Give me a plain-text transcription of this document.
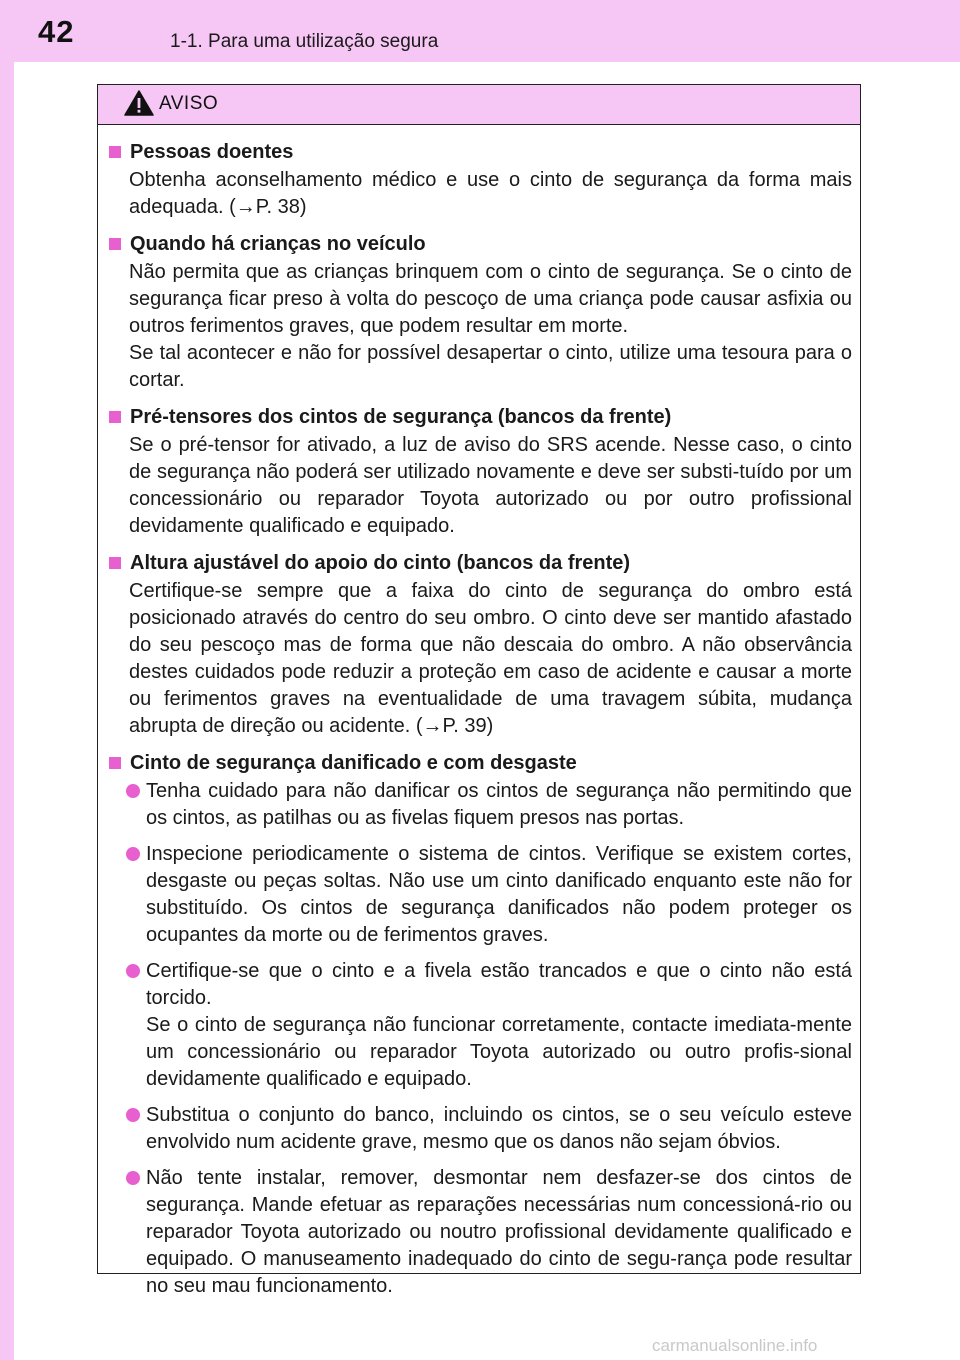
42	1-1. Para uma utilização segura
AVISO
Pessoas doentes
Obtenha aconselhamento médico e use o cinto de segurança da forma mais adequada. (→P. 38)
Quando há crianças no veículo
Não permita que as crianças brinquem com o cinto de segurança. Se o cinto de segurança ficar preso à volta do pescoço de uma criança pode causar asfixia ou outros ferimentos graves, que podem resultar em morte.
Se tal acontecer e não for possível desapertar o cinto, utilize uma tesoura para o cortar.
Pré-tensores dos cintos de segurança (bancos da frente)
Se o pré-tensor for ativado, a luz de aviso do SRS acende. Nesse caso, o cinto de segurança não poderá ser utilizado novamente e deve ser substi-tuído por um concessionário ou reparador Toyota autorizado ou por outro profissional devidamente qualificado e equipado.
Altura ajustável do apoio do cinto (bancos da frente)
Certifique-se sempre que a faixa do cinto de segurança do ombro está posicionado através do centro do seu ombro. O cinto deve ser mantido afastado do seu pescoço mas de forma que não descaia do ombro. A não observância destes cuidados pode reduzir a proteção em caso de acidente e causar a morte ou ferimentos graves na eventualidade de uma travagem súbita, mudança abrupta de direção ou acidente. (→P. 39)
Cinto de segurança danificado e com desgaste
Tenha cuidado para não danificar os cintos de segurança não permitindo que os cintos, as patilhas ou as fivelas fiquem presos nas portas.
Inspecione periodicamente o sistema de cintos. Verifique se existem cortes, desgaste ou peças soltas. Não use um cinto danificado enquanto este não for substituído. Os cintos de segurança danificados não podem proteger os ocupantes da morte ou de ferimentos graves.
Certifique-se que o cinto e a fivela estão trancados e que o cinto não está torcido.
Se o cinto de segurança não funcionar corretamente, contacte imediata-mente um concessionário ou reparador Toyota autorizado ou outro profis-sional devidamente qualificado e equipado.
Substitua o conjunto do banco, incluindo os cintos, se o seu veículo esteve envolvido num acidente grave, mesmo que os danos não sejam óbvios.
Não tente instalar, remover, desmontar nem desfazer-se dos cintos de segurança. Mande efetuar as reparações necessárias num concessioná-rio ou reparador Toyota autorizado ou noutro profissional devidamente qualificado e equipado. O manuseamento inadequado do cinto de segu-rança pode resultar no seu mau funcionamento.
carmanualsonline.info
